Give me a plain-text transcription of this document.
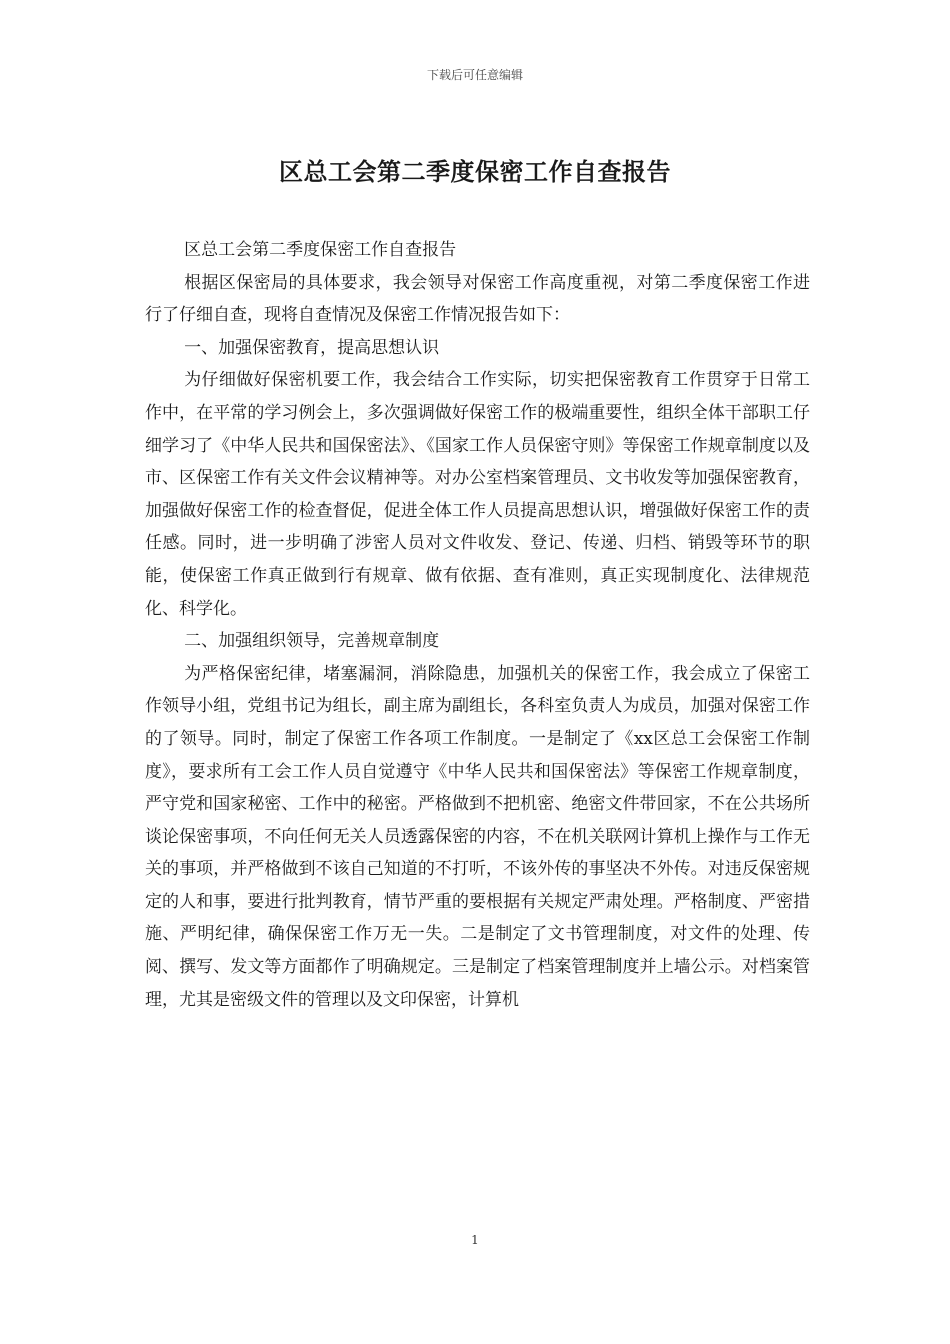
下载后可任意编辑
区总工会第二季度保密工作自查报告

区总工会第二季度保密工作自查报告

根据区保密局的具体要求，我会领导对保密工作高度重视，对第二季度保密工作进行了仔细自查，现将自查情况及保密工作情况报告如下：

一、加强保密教育，提高思想认识

为仔细做好保密机要工作，我会结合工作实际，切实把保密教育工作贯穿于日常工作中，在平常的学习例会上，多次强调做好保密工作的极端重要性，组织全体干部职工仔细学习了《中华人民共和国保密法》、《国家工作人员保密守则》等保密工作规章制度以及市、区保密工作有关文件会议精神等。对办公室档案管理员、文书收发等加强保密教育，加强做好保密工作的检查督促，促进全体工作人员提高思想认识，增强做好保密工作的责任感。同时，进一步明确了涉密人员对文件收发、登记、传递、归档、销毁等环节的职能，使保密工作真正做到行有规章、做有依据、查有准则，真正实现制度化、法律规范化、科学化。

二、加强组织领导，完善规章制度

为严格保密纪律，堵塞漏洞，消除隐患，加强机关的保密工作，我会成立了保密工作领导小组，党组书记为组长，副主席为副组长，各科室负责人为成员，加强对保密工作的了领导。同时，制定了保密工作各项工作制度。一是制定了《xx区总工会保密工作制度》，要求所有工会工作人员自觉遵守《中华人民共和国保密法》等保密工作规章制度，严守党和国家秘密、工作中的秘密。严格做到不把机密、绝密文件带回家，不在公共场所谈论保密事项，不向任何无关人员透露保密的内容，不在机关联网计算机上操作与工作无关的事项，并严格做到不该自己知道的不打听，不该外传的事坚决不外传。对违反保密规定的人和事，要进行批判教育，情节严重的要根据有关规定严肃处理。严格制度、严密措施、严明纪律，确保保密工作万无一失。二是制定了文书管理制度，对文件的处理、传阅、撰写、发文等方面都作了明确规定。三是制定了档案管理制度并上墙公示。对档案管理，尤其是密级文件的管理以及文印保密，计算机

1
